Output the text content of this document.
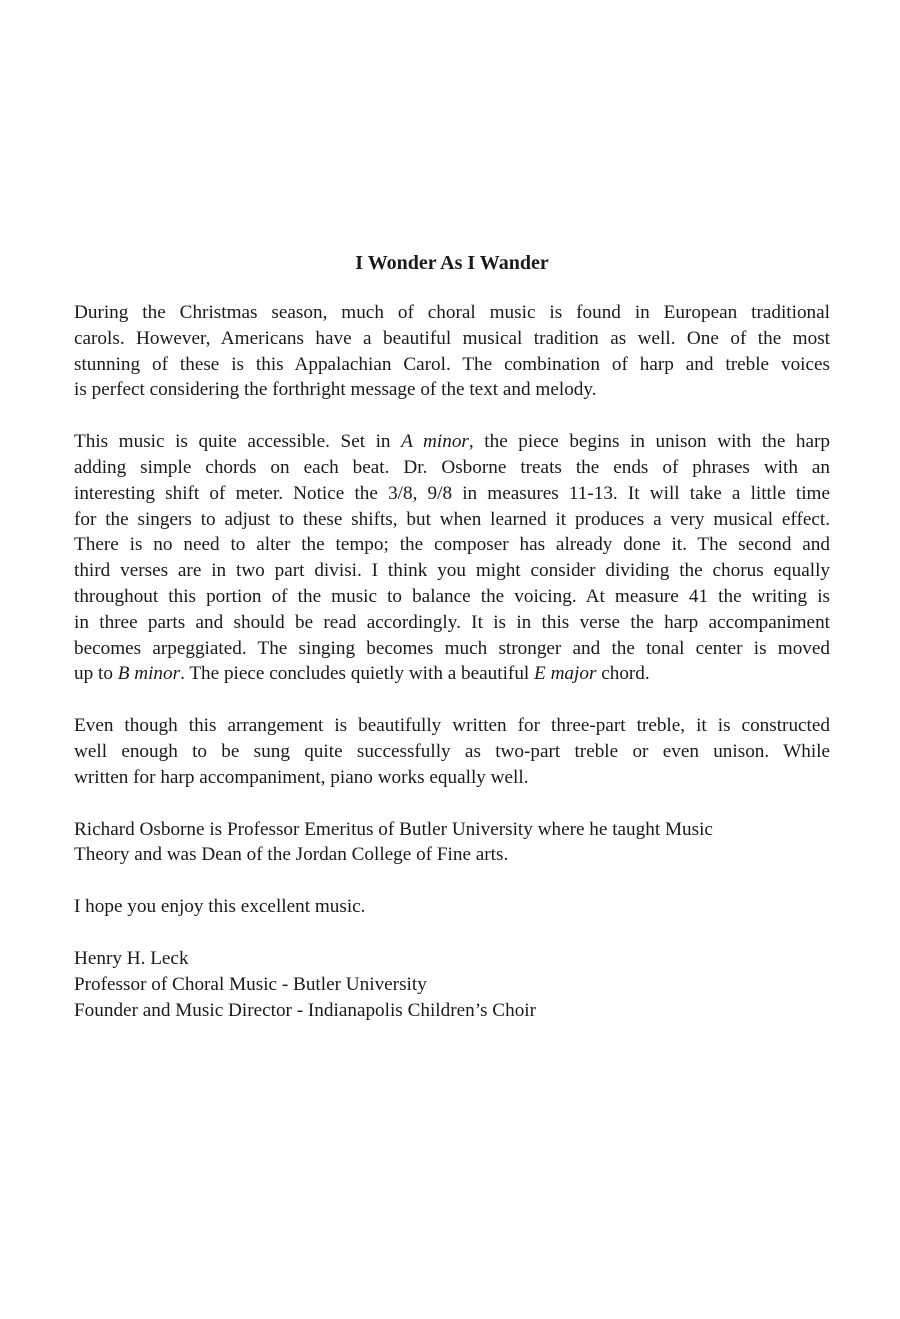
I Wonder As I Wander
During the Christmas season, much of choral music is found in European traditional
carols. However, Americans have a beautiful musical tradition as well. One of the most
stunning of these is this Appalachian Carol. The combination of harp and treble voices
is perfect considering the forthright message of the text and melody.
This music is quite accessible. Set in A minor, the piece begins in unison with the harp
adding simple chords on each beat. Dr. Osborne treats the ends of phrases with an
interesting shift of meter. Notice the 3/8, 9/8 in measures 11-13. It will take a little time
for the singers to adjust to these shifts, but when learned it produces a very musical effect.
There is no need to alter the tempo; the composer has already done it. The second and
third verses are in two part divisi. I think you might consider dividing the chorus equally
throughout this portion of the music to balance the voicing. At measure 41 the writing is
in three parts and should be read accordingly. It is in this verse the harp accompaniment
becomes arpeggiated. The singing becomes much stronger and the tonal center is moved
up to B minor. The piece concludes quietly with a beautiful E major chord.
Even though this arrangement is beautifully written for three-part treble, it is constructed
well enough to be sung quite successfully as two-part treble or even unison. While
written for harp accompaniment, piano works equally well.
Richard Osborne is Professor Emeritus of Butler University where he taught Music
Theory and was Dean of the Jordan College of Fine arts.
I hope you enjoy this excellent music.
Henry H. Leck
Professor of Choral Music - Butler University
Founder and Music Director - Indianapolis Children’s Choir
